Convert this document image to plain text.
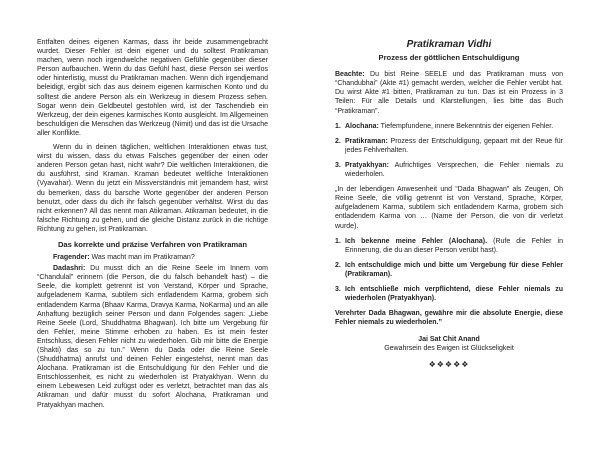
Entfalten deines eigenen Karmas, dass ihr beide zusammengebracht wurdet. Dieser Fehler ist dein eigener und du solltest Pratikraman machen, wenn noch irgendwelche negativen Gefühle gegenüber dieser Person aufbauchen. Wenn du das Gefühl hast, diese Person sei wertlos oder hinterlistig, musst du Pratikraman machen. Wenn dich irgendjemand beleidigt, ergibt sich das aus deinem eigenen karmischen Konto und du solltest die andere Person als ein Werkzeug in diesem Prozess sehen. Sogar wenn dein Geldbeutel gestohlen wird, ist der Taschendieb ein Werkzeug, der dein eigenes karmisches Konto ausgleicht. Im Allgemeinen beschuldigen die Menschen das Werkzeug (Nimit) und das ist die Ursache aller Konflikte.

Wenn du in deinen täglichen, weltlichen Interaktionen etwas tust, wirst du wissen, dass du etwas Falsches gegenüber der einen oder anderen Person getan hast, nicht wahr? Die weltlichen Interaktionen, die du ausführst, sind Kraman. Kraman bedeutet weltliche Interaktionen (Vyavahar). Wenn du jetzt ein Missverständnis mit jemandem hast, wirst du bemerken, dass du barsche Worte gegenüber der anderen Person benutzt, oder dass du dich ihr falsch gegenüber verhältst. Wirst du das nicht erkennen? All das nennt man Atikraman. Atikraman bedeutet, in die falsche Richtung zu gehen, und die gleiche Distanz zurück in die richtige Richtung zu gehen, ist Pratikraman.

Das korrekte und präzise Verfahren von Pratikraman

Fragender: Was macht man im Pratikraman?

Dadashri: Du musst dich an die Reine Seele im Innern vom “Chandulal” erinnern (die Person, die du falsch behandelt hast) – die Seele, die komplett getrennt ist von Verstand, Körper und Sprache, aufgeladenem Karma, subtilem sich entladendem Karma, grobem sich entladendem Karma (Bhaav Karma, Dravya Karma, NoKarma) und an alle Anhaftung bezüglich seiner Person und dann Folgendes sagen: „Liebe Reine Seele (Lord, Shuddhatma Bhagwan). Ich bitte um Vergebung für den Fehler, meine Stimme erhoben zu haben. Es ist mein fester Entschluss, diesen Fehler nicht zu wiederholen. Gib mir bitte die Energie (Shakti) das so zu tun.” Wenn du Dada oder die Reine Seele (Shuddhatma) anrufst und deinen Fehler eingestehst, nennt man das Alochana. Pratikraman ist die Entschuldigung für den Fehler und die Entschlossenheit, es nicht zu wiederholen ist Pratyakhyan. Wenn du einem Lebewesen Leid zufügst oder es verletzt, betrachtet man das als Atikraman und dafür musst du sofort Alochana, Pratikraman und Pratyakhyan machen.

Pratikraman Vidhi
Prozess der göttlichen Entschuldigung

Beachte: Du bist Reine SEELE und das Pratikraman muss von “Chandubhai” (Akte #1) gemacht werden, welcher die Fehler verübt hat. Du wirst Akte #1 bitten, Pratikraman zu tun. Das ist ein Prozess in 3 Teilen: Für alle Details und Klarstellungen, lies bitte das Buch “Pratikraman”.

1. Alochana: Tiefempfundene, innere Bekenntnis der eigenen Fehler.
2. Pratikraman: Prozess der Entschuldigung, gepaart mit der Reue für jedes Fehlverhalten.
3. Pratyakhyan: Aufrichtiges Versprechen, die Fehler niemals zu wiederholen.

„In der lebendigen Anwesenheit und “Dada Bhagwan” als Zeugen, Oh Reine Seele, die völlig getrennt ist von Verstand, Sprache, Körper, aufgeladenem Karma, subtilem sich entladendem Karma, grobem sich entladendem Karma von … (Name der Person, die von dir verletzt wurde).

1. Ich bekenne meine Fehler (Alochana). (Rufe die Fehler in Erinnerung, die du an dieser Person verübt hast).
2. Ich entschuldige mich und bitte um Vergebung für diese Fehler (Pratikraman).
3. Ich entschließe mich verpflichtend, diese Fehler niemals zu wiederholen (Pratyakhyan).

Verehrter Dada Bhagwan, gewähre mir die absolute Energie, diese Fehler niemals zu wiederholen.”

Jai Sat Chit Anand
Gewahrsein des Ewigen ist Glückseligkeit
❖❖❖❖❖
